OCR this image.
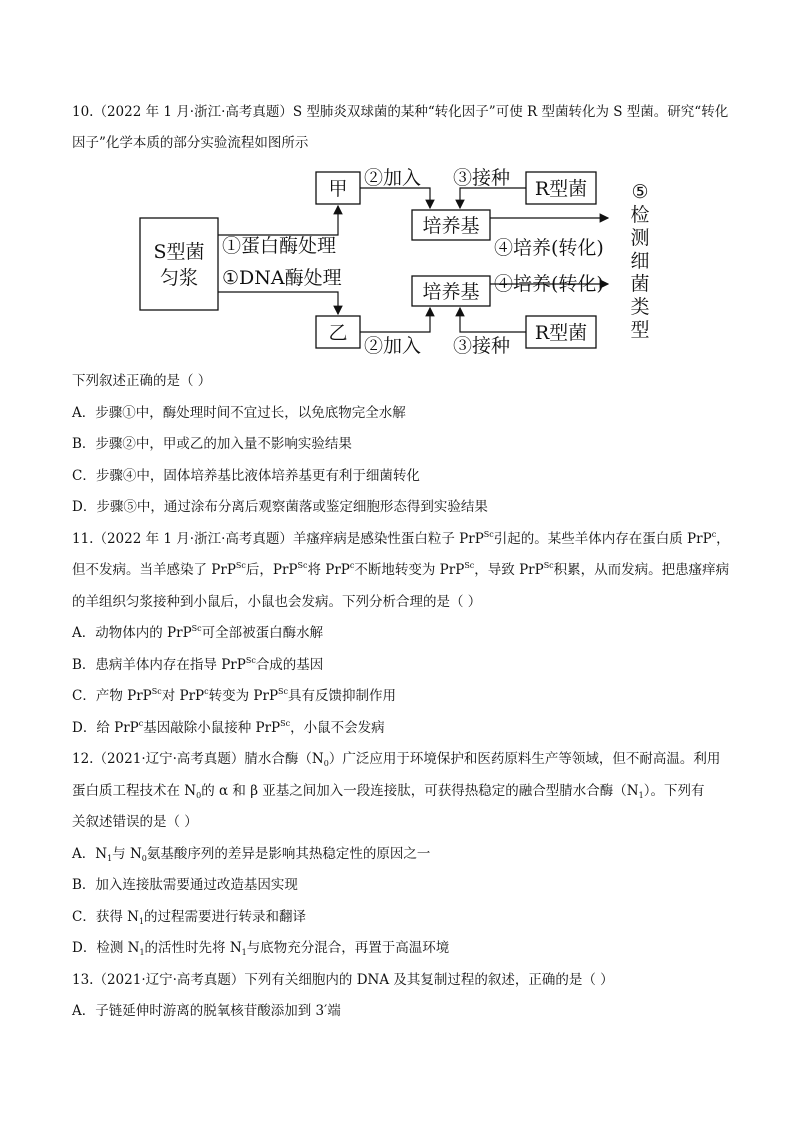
10.（2022 年 1 月·浙江·高考真题）S 型肺炎双球菌的某种“转化因子”可使 R 型菌转化为 S 型菌。研究“转化
因子”化学本质的部分实验流程如图所示
S型菌
匀浆
甲
乙
培养基
培养基
R型菌
R型菌
①蛋白酶处理
①DNA酶处理
②加入
②加入
③接种
③接种
④培养(转化)
④培养(转化)
⑤
检
测
细
菌
类
型
下列叙述正确的是（ ）
A．步骤①中，酶处理时间不宜过长，以免底物完全水解
B．步骤②中，甲或乙的加入量不影响实验结果
C．步骤④中，固体培养基比液体培养基更有利于细菌转化
D．步骤⑤中，通过涂布分离后观察菌落或鉴定细胞形态得到实验结果
11.（2022 年 1 月·浙江·高考真题）羊瘙痒病是感染性蛋白粒子 PrP$^{Sc}$引起的。某些羊体内存在蛋白质 PrP$^c$，
但不发病。当羊感染了 PrP$^{Sc}$后，PrP$^{Sc}$将 PrP$^c$不断地转变为 PrP$^{Sc}$，导致 PrP$^{Sc}$积累，从而发病。把患瘙痒病
的羊组织匀浆接种到小鼠后，小鼠也会发病。下列分析合理的是（ ）
A．动物体内的 PrP$^{Sc}$可全部被蛋白酶水解
B．患病羊体内存在指导 PrP$^{Sc}$合成的基因
C．产物 PrP$^{Sc}$对 PrP$^c$转变为 PrP$^{Sc}$具有反馈抑制作用
D．给 PrP$^c$基因敲除小鼠接种 PrP$^{Sc}$，小鼠不会发病
12.（2021·辽宁·高考真题）腈水合酶$(N_0)$广泛应用于环境保护和医药原料生产等领域，但不耐高温。利用
蛋白质工程技术在 $N_0$的 α 和 β 亚基之间加入一段连接肽，可获得热稳定的融合型腈水合酶$(N_1)$。下列有
关叙述错误的是（ ）
A．$N_1$与 $N_0$氨基酸序列的差异是影响其热稳定性的原因之一
B．加入连接肽需要通过改造基因实现
C．获得 $N_1$的过程需要进行转录和翻译
D．检测 $N_1$的活性时先将 $N_1$与底物充分混合，再置于高温环境
13.（2021·辽宁·高考真题）下列有关细胞内的 DNA 及其复制过程的叙述，正确的是（ ）
A．子链延伸时游离的脱氧核苷酸添加到 3′端
